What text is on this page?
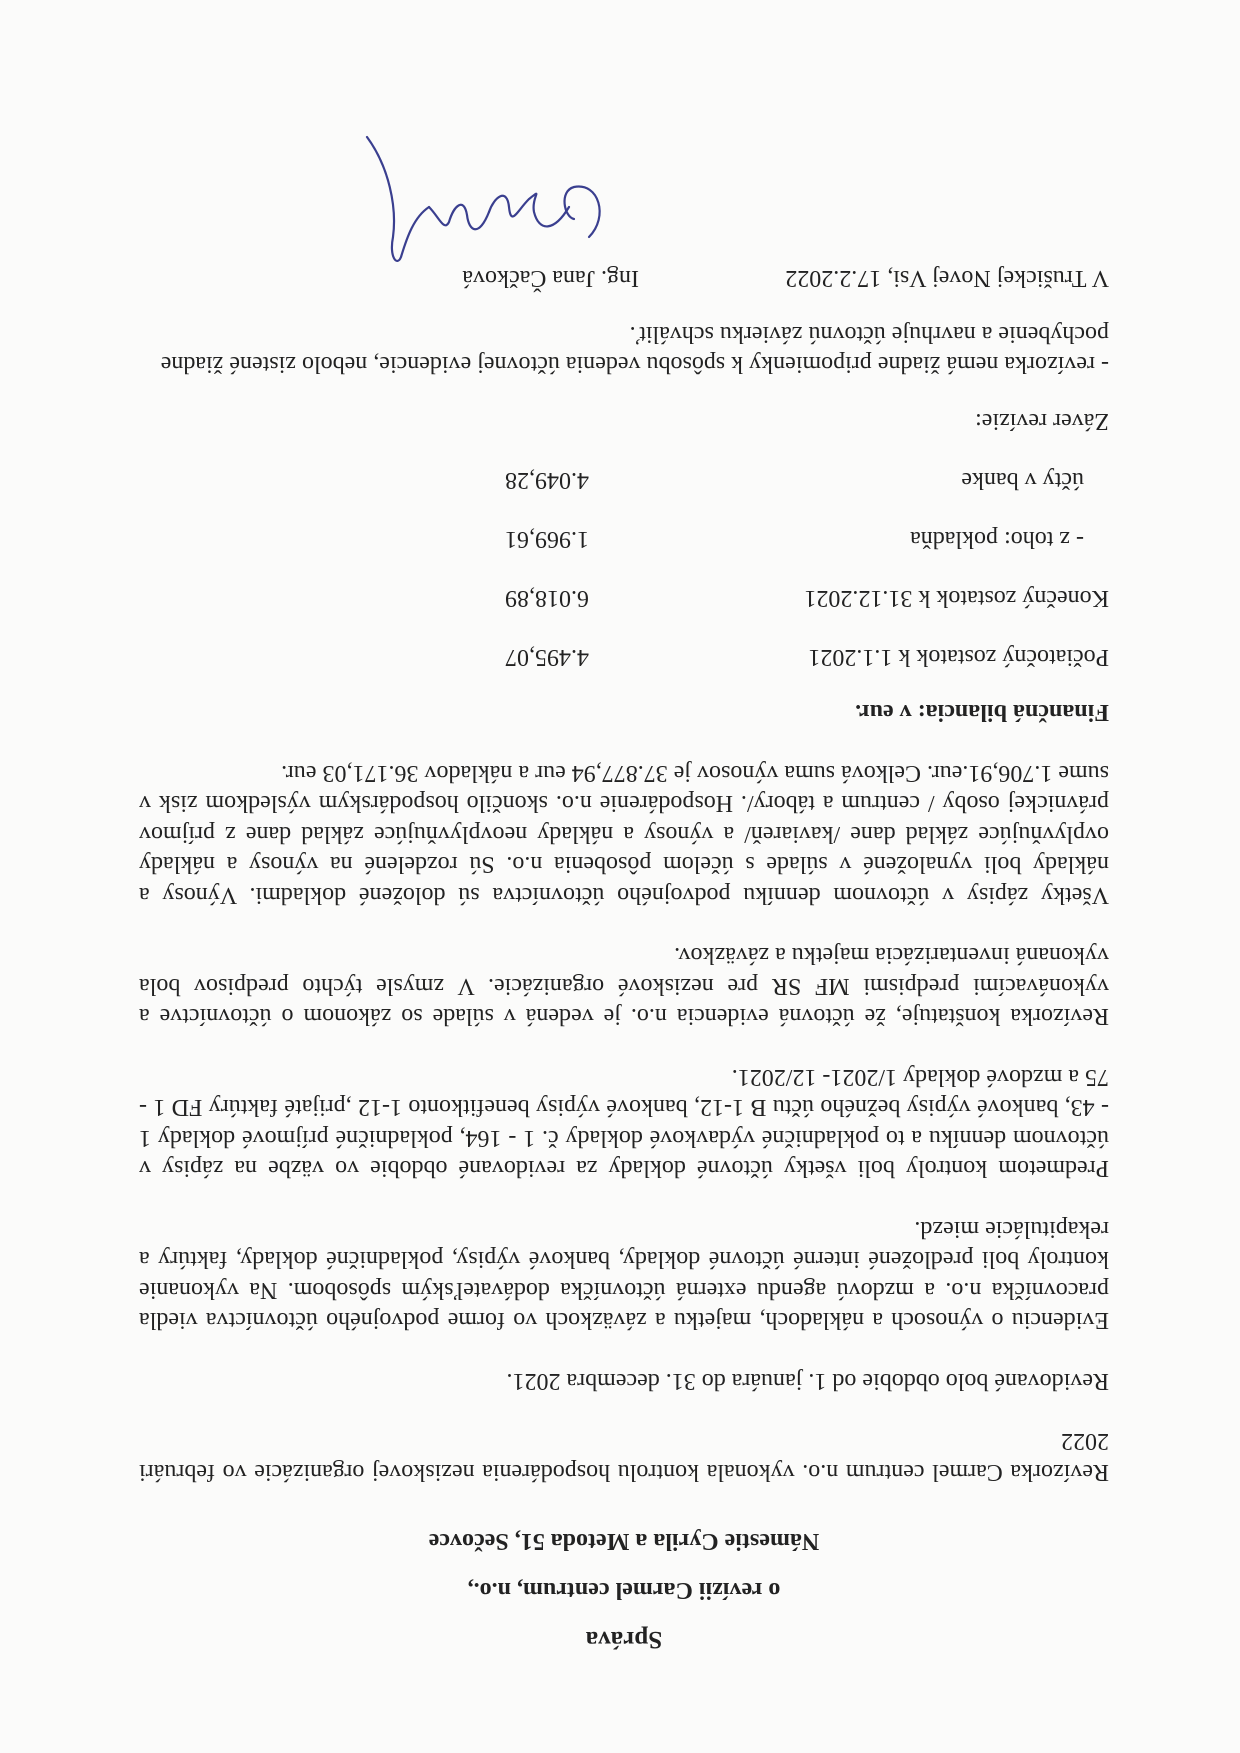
Správa
o revízii Carmel centrum, n.o.,
Námestie Cyrila a Metoda 51, Sečovce

Revízorka Carmel centrum n.o. vykonala kontrolu hospodárenia neziskovej organizácie vo februári 2022

Revidované bolo obdobie od 1. januára do 31. decembra 2021.

Evidenciu o výnosoch a nákladoch, majetku a záväzkoch vo forme podvojného účtovníctva viedla pracovníčka n.o. a mzdovú agendu externá účtovníčka dodávateľským spôsobom. Na vykonanie kontroly boli predložené interné účtovné doklady, bankové výpisy, pokladničné doklady, faktúry a rekapitulácie miezd.

Predmetom kontroly boli všetky účtovné doklady za revidované obdobie vo väzbe na zápisy v účtovnom denníku a to pokladničné výdavkové doklady č. 1 - 164, pokladničné príjmové doklady 1 - 43, bankové výpisy bežného účtu B 1-12, bankové výpisy benefitkonto 1-12 ,prijaté faktúry FD 1 - 75 a mzdové doklady 1/2021- 12/2021.

Revízorka konštatuje, že účtovná evidencia n.o. je vedená v súlade so zákonom o účtovníctve a vykonávacími predpismi MF SR pre neziskové organizácie. V zmysle týchto predpisov bola vykonaná inventarizácia majetku a záväzkov.

Všetky zápisy v účtovnom denníku podvojného účtovníctva sú doložené dokladmi. Výnosy a náklady boli vynaložené v súlade s účelom pôsobenia n.o. Sú rozdelené na výnosy a náklady ovplyvňujúce základ dane /kaviareň/ a výnosy a náklady neovplyvňujúce základ dane z príjmov právnickej osoby / centrum a tábory/. Hospodárenie n.o. skončilo hospodárskym výsledkom zisk v sume 1.706,91.eur. Celková suma výnosov je 37.877,94 eur a nákladov 36.171,03 eur.

Finančná bilancia: v eur.
Počiatočný zostatok k 1.1.2021
4.495,07
Konečný zostatok k 31.12.2021
6.018,89
- z toho: pokladňa
1.969,61
účty v banke
4.049,28
Záver revízie:
- revízorka nemá žiadne pripomienky k spôsobu vedenia účtovnej evidencie, nebolo zistené žiadne pochybenie a navrhuje účtovnú závierku schváliť.
V Trušickej Novej Vsi, 17.2.2022
Ing. Jana Čačková
